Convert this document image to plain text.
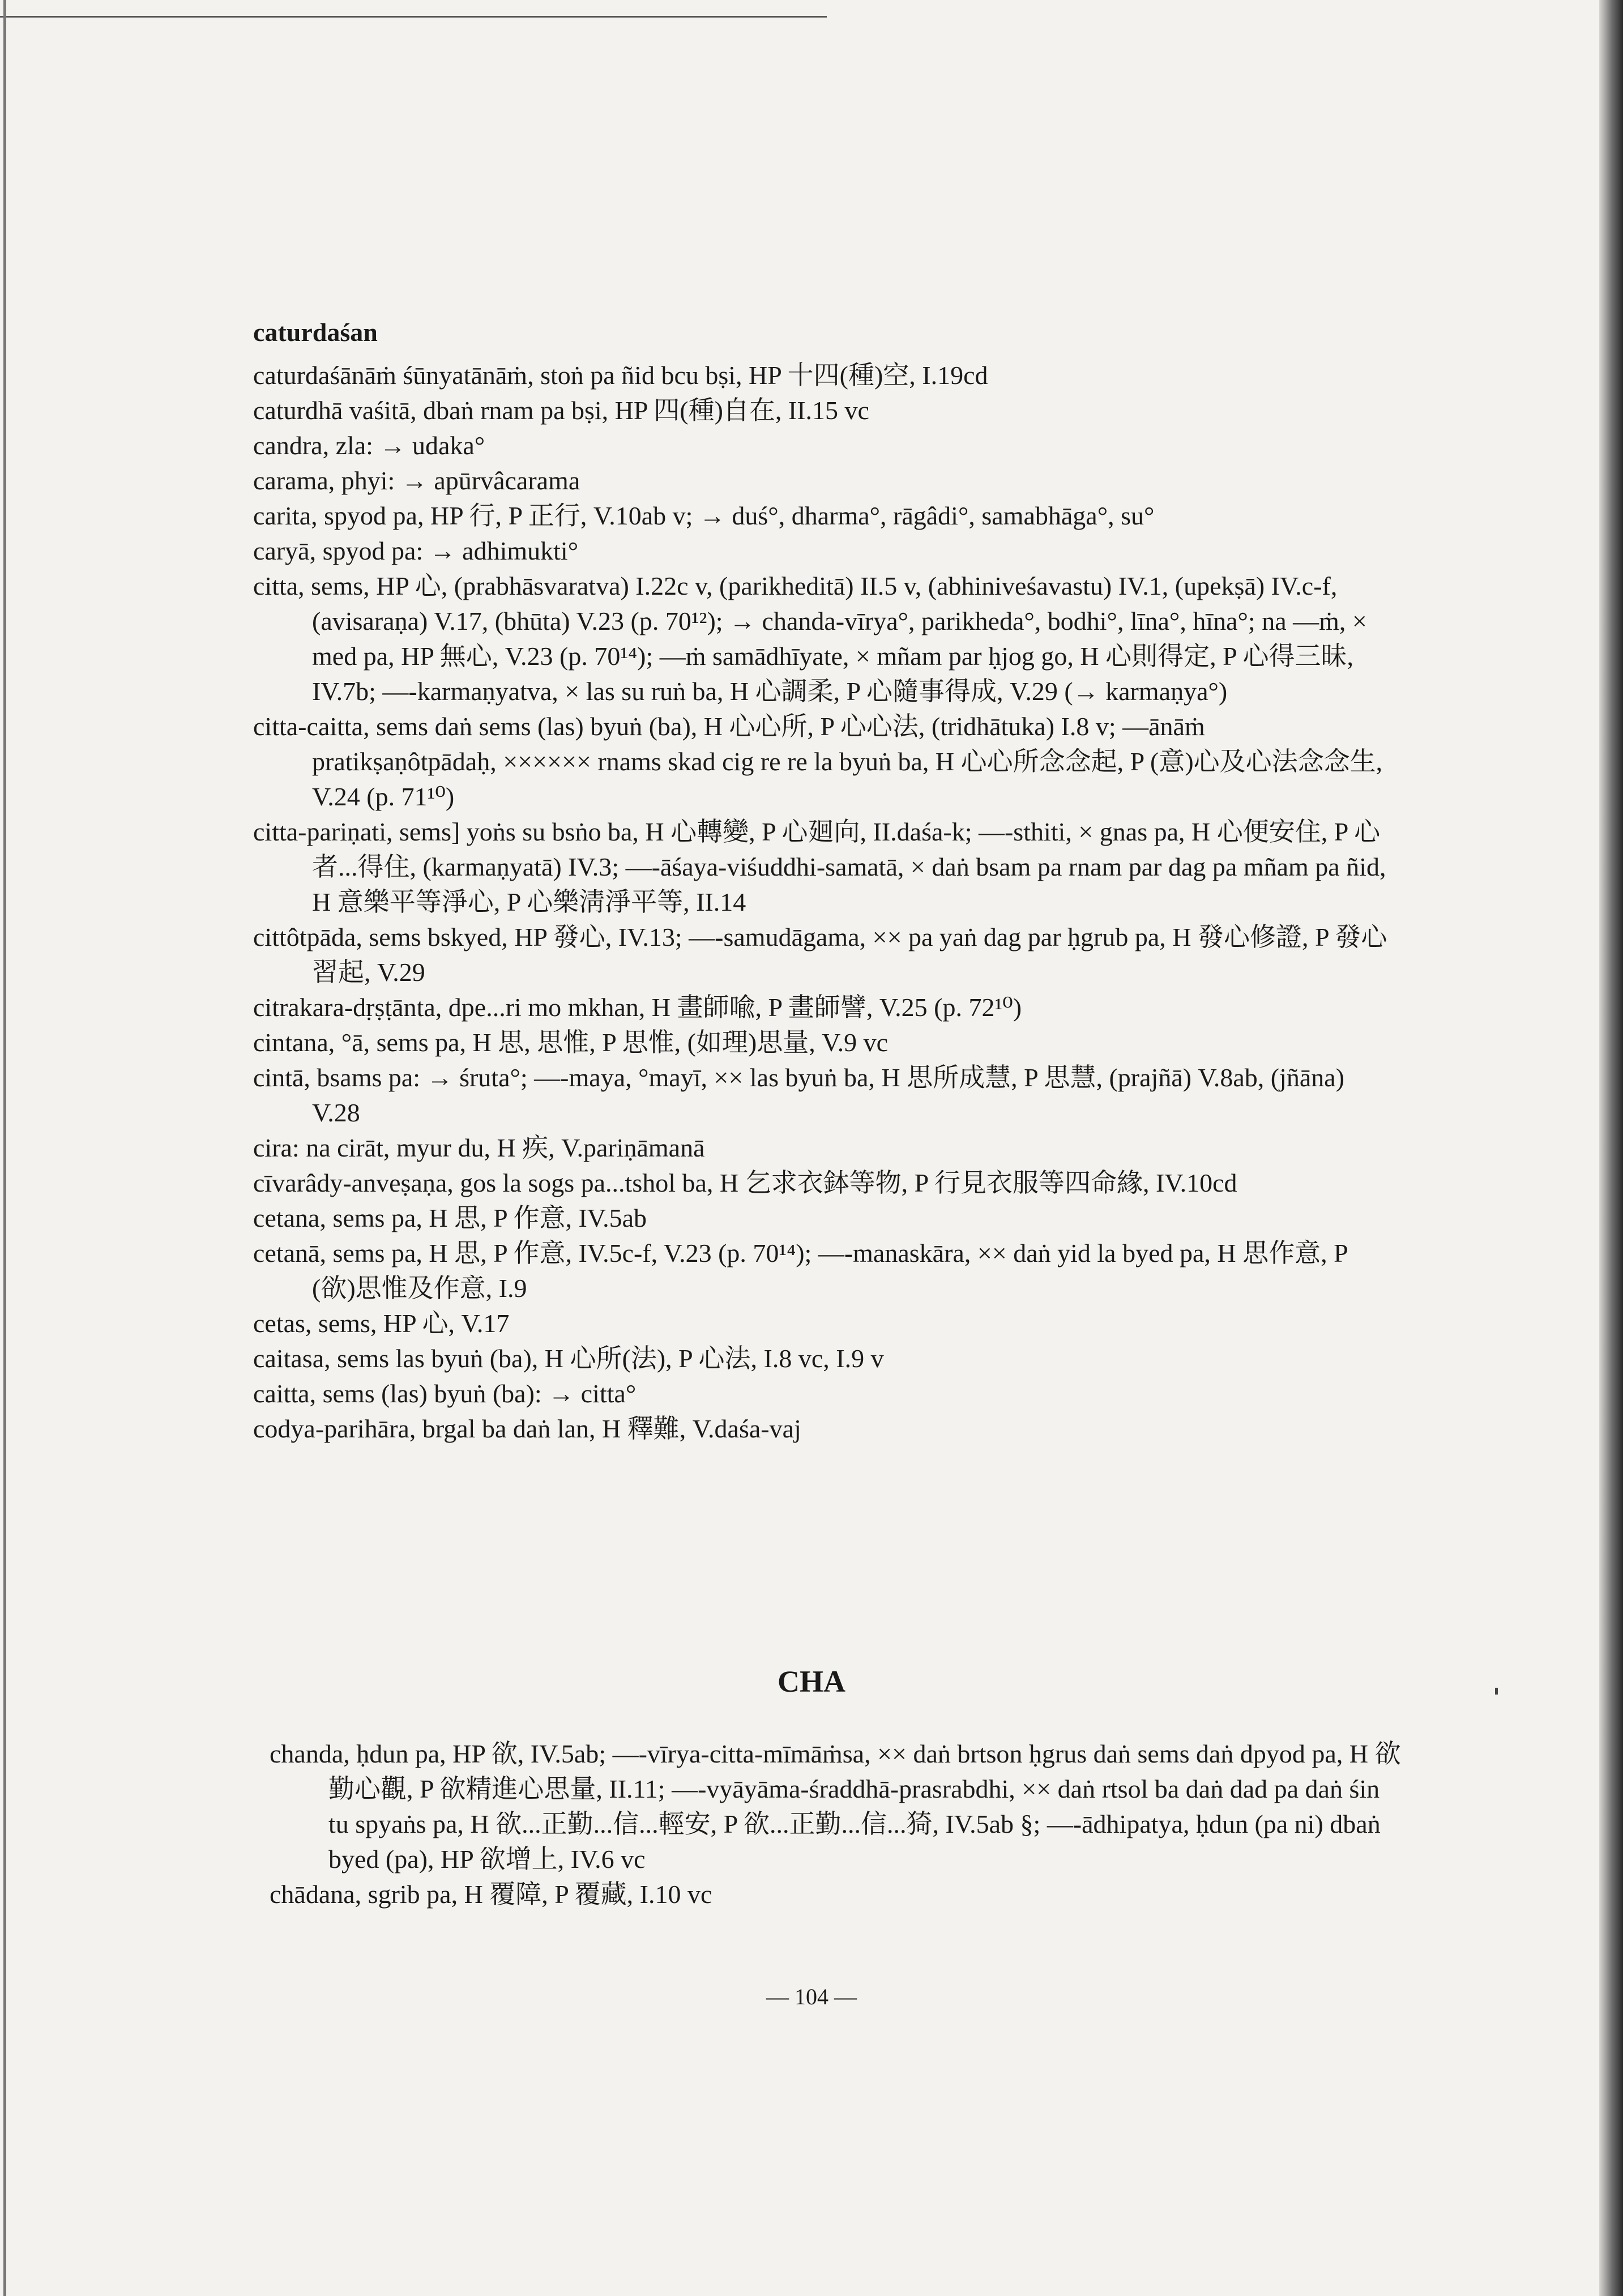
caturdaśan

caturdaśānāṁ śūnyatānāṁ, stoṅ pa ñid bcu bṣi, HP 十四(種)空, I.19cd

caturdhā vaśitā, dbaṅ rnam pa bṣi, HP 四(種)自在, II.15 vc

candra, zla: → udaka°

carama, phyi: → apūrvâcarama

carita, spyod pa, HP 行, P 正行, V.10ab v; → duś°, dharma°, rāgâdi°, samabhāga°, su°

caryā, spyod pa: → adhimukti°

citta, sems, HP 心, (prabhāsvaratva) I.22c v, (parikheditā) II.5 v, (abhiniveśavastu) IV.1, (upekṣā) IV.c-f, (avisaraṇa) V.17, (bhūta) V.23 (p. 70¹²); → chanda-vīrya°, parikheda°, bodhi°, līna°, hīna°; na —ṁ, × med pa, HP 無心, V.23 (p. 70¹⁴); —ṁ samādhīyate, × mñam par ḥjog go, H 心則得定, P 心得三昧, IV.7b; —-karmaṇyatva, × las su ruṅ ba, H 心調柔, P 心隨事得成, V.29 (→ karmaṇya°)

citta-caitta, sems daṅ sems (las) byuṅ (ba), H 心心所, P 心心法, (tridhātuka) I.8 v; —ānāṁ pratikṣaṇôtpādaḥ, ×××××× rnams skad cig re re la byuṅ ba, H 心心所念念起, P (意)心及心法念念生, V.24 (p. 71¹⁰)

citta-pariṇati, sems] yoṅs su bsṅo ba, H 心轉變, P 心廻向, II.daśa-k; —-sthiti, × gnas pa, H 心便安住, P 心者...得住, (karmaṇyatā) IV.3; —-āśaya-viśuddhi-samatā, × daṅ bsam pa rnam par dag pa mñam pa ñid, H 意樂平等淨心, P 心樂淸淨平等, II.14

cittôtpāda, sems bskyed, HP 發心, IV.13; —-samudāgama, ×× pa yaṅ dag par ḥgrub pa, H 發心修證, P 發心習起, V.29

citrakara-dṛṣṭānta, dpe...ri mo mkhan, H 畫師喩, P 畫師譬, V.25 (p. 72¹⁰)

cintana, °ā, sems pa, H 思, 思惟, P 思惟, (如理)思量, V.9 vc

cintā, bsams pa: → śruta°; —-maya, °mayī, ×× las byuṅ ba, H 思所成慧, P 思慧, (prajñā) V.8ab, (jñāna) V.28

cira: na cirāt, myur du, H 疾, V.pariṇāmanā

cīvarâdy-anveṣaṇa, gos la sogs pa...tshol ba, H 乞求衣鉢等物, P 行見衣服等四命緣, IV.10cd

cetana, sems pa, H 思, P 作意, IV.5ab

cetanā, sems pa, H 思, P 作意, IV.5c-f, V.23 (p. 70¹⁴); —-manaskāra, ×× daṅ yid la byed pa, H 思作意, P (欲)思惟及作意, I.9

cetas, sems, HP 心, V.17

caitasa, sems las byuṅ (ba), H 心所(法), P 心法, I.8 vc, I.9 v

caitta, sems (las) byuṅ (ba): → citta°

codya-parihāra, brgal ba daṅ lan, H 釋難, V.daśa-vaj

CHA

chanda, ḥdun pa, HP 欲, IV.5ab; —-vīrya-citta-mīmāṁsa, ×× daṅ brtson ḥgrus daṅ sems daṅ dpyod pa, H 欲勤心觀, P 欲精進心思量, II.11; —-vyāyāma-śraddhā-prasrabdhi, ×× daṅ rtsol ba daṅ dad pa daṅ śin tu spyaṅs pa, H 欲...正勤...信...輕安, P 欲...正勤...信...猗, IV.5ab §; —-ādhipatya, ḥdun (pa ni) dbaṅ byed (pa), HP 欲增上, IV.6 vc

chādana, sgrib pa, H 覆障, P 覆藏, I.10 vc

— 104 —
